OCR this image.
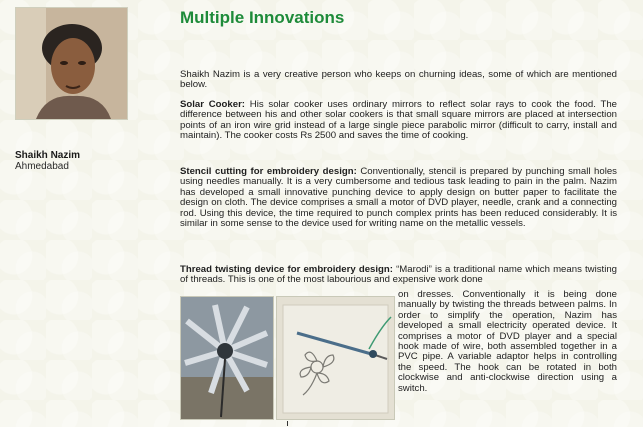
Shaikh Nazim
Ahmedabad
Multiple Innovations

Shaikh Nazim is a very creative person who keeps on churning ideas, some of which are mentioned below.

Solar Cooker: His solar cooker uses ordinary mirrors to reflect solar rays to cook the food. The difference between his and other solar cookers is that small square mirrors are placed at intersection points of an iron wire grid instead of a large single piece parabolic mirror (difficult to carry, install and maintain). The cooker costs Rs 2500 and saves the time of cooking.

Stencil cutting for embroidery design: Conventionally, stencil is prepared by punching small holes using needles manually. It is a very cumbersome and tedious task leading to pain in the palm. Nazim has developed a small innovative punching device to apply design on butter paper to facilitate the design on cloth. The device comprises a small a motor of DVD player, needle, crank and a connecting rod. Using this device, the time required to punch complex prints has been reduced considerably. It is similar in some sense to the device used for writing name on the metallic vessels.

Thread twisting device for embroidery design: “Marodi” is a traditional name which means twisting of threads. This is one of the most labourious and expensive work done

on dresses. Conventionally it is being done manually by twisting the threads between palms. In order to simplify the operation, Nazim has developed a small electricity operated device. It comprises a motor of DVD player and a special hook made of wire, both assembled together in a PVC pipe. A variable adaptor helps in controlling the speed. The hook can be rotated in both clockwise and anti-clockwise direction using a switch.
